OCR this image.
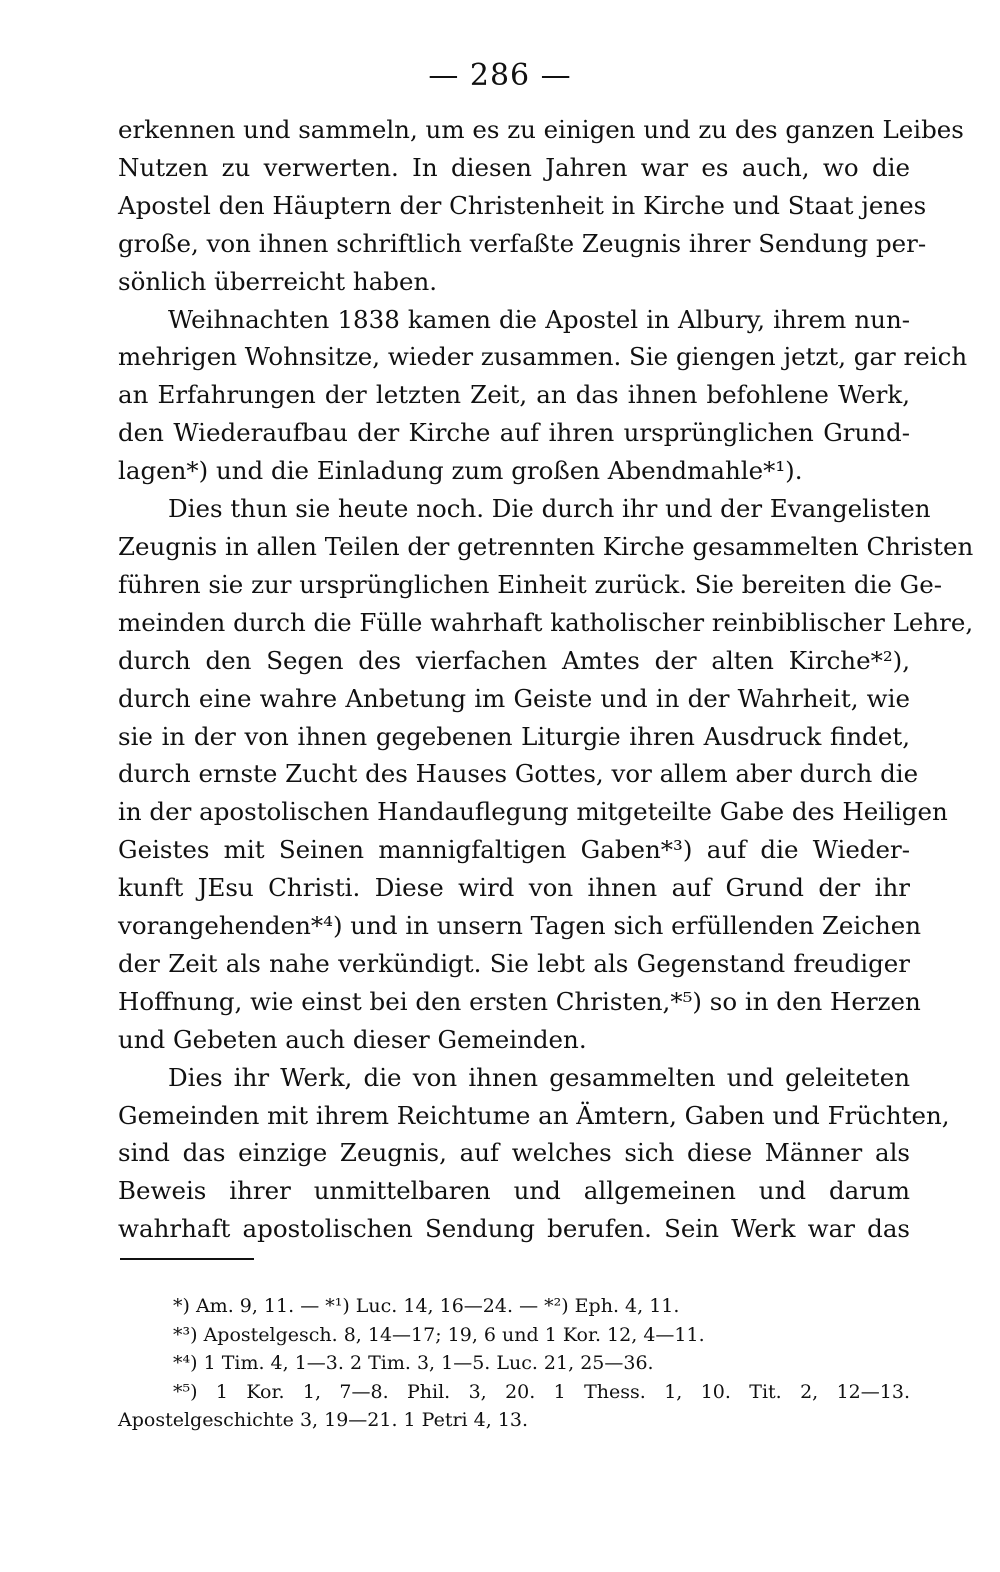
— 286 —

erkennen und sammeln, um es zu einigen und zu des ganzen Leibes
Nutzen zu verwerten. In diesen Jahren war es auch, wo die
Apostel den Häuptern der Christenheit in Kirche und Staat jenes
große, von ihnen schriftlich verfaßte Zeugnis ihrer Sendung per-
sönlich überreicht haben.

Weihnachten 1838 kamen die Apostel in Albury, ihrem nun-
mehrigen Wohnsitze, wieder zusammen. Sie giengen jetzt, gar reich
an Erfahrungen der letzten Zeit, an das ihnen befohlene Werk,
den Wiederaufbau der Kirche auf ihren ursprünglichen Grund-
lagen*) und die Einladung zum großen Abendmahle*¹).

Dies thun sie heute noch. Die durch ihr und der Evangelisten
Zeugnis in allen Teilen der getrennten Kirche gesammelten Christen
führen sie zur ursprünglichen Einheit zurück. Sie bereiten die Ge-
meinden durch die Fülle wahrhaft katholischer reinbiblischer Lehre,
durch den Segen des vierfachen Amtes der alten Kirche*²),
durch eine wahre Anbetung im Geiste und in der Wahrheit, wie
sie in der von ihnen gegebenen Liturgie ihren Ausdruck findet,
durch ernste Zucht des Hauses Gottes, vor allem aber durch die
in der apostolischen Handauflegung mitgeteilte Gabe des Heiligen
Geistes mit Seinen mannigfaltigen Gaben*³) auf die Wieder-
kunft JEsu Christi. Diese wird von ihnen auf Grund der ihr
vorangehenden*⁴) und in unsern Tagen sich erfüllenden Zeichen
der Zeit als nahe verkündigt. Sie lebt als Gegenstand freudiger
Hoffnung, wie einst bei den ersten Christen,*⁵) so in den Herzen
und Gebeten auch dieser Gemeinden.

Dies ihr Werk, die von ihnen gesammelten und geleiteten
Gemeinden mit ihrem Reichtume an Ämtern, Gaben und Früchten,
sind das einzige Zeugnis, auf welches sich diese Männer als
Beweis ihrer unmittelbaren und allgemeinen und darum
wahrhaft apostolischen Sendung berufen. Sein Werk war das

*) Am. 9, 11. — *¹) Luc. 14, 16—24. — *²) Eph. 4, 11.
*³) Apostelgesch. 8, 14—17; 19, 6 und 1 Kor. 12, 4—11.
*⁴) 1 Tim. 4, 1—3. 2 Tim. 3, 1—5. Luc. 21, 25—36.
*⁵) 1 Kor. 1, 7—8. Phil. 3, 20. 1 Thess. 1, 10. Tit. 2, 12—13.
Apostelgeschichte 3, 19—21. 1 Petri 4, 13.
